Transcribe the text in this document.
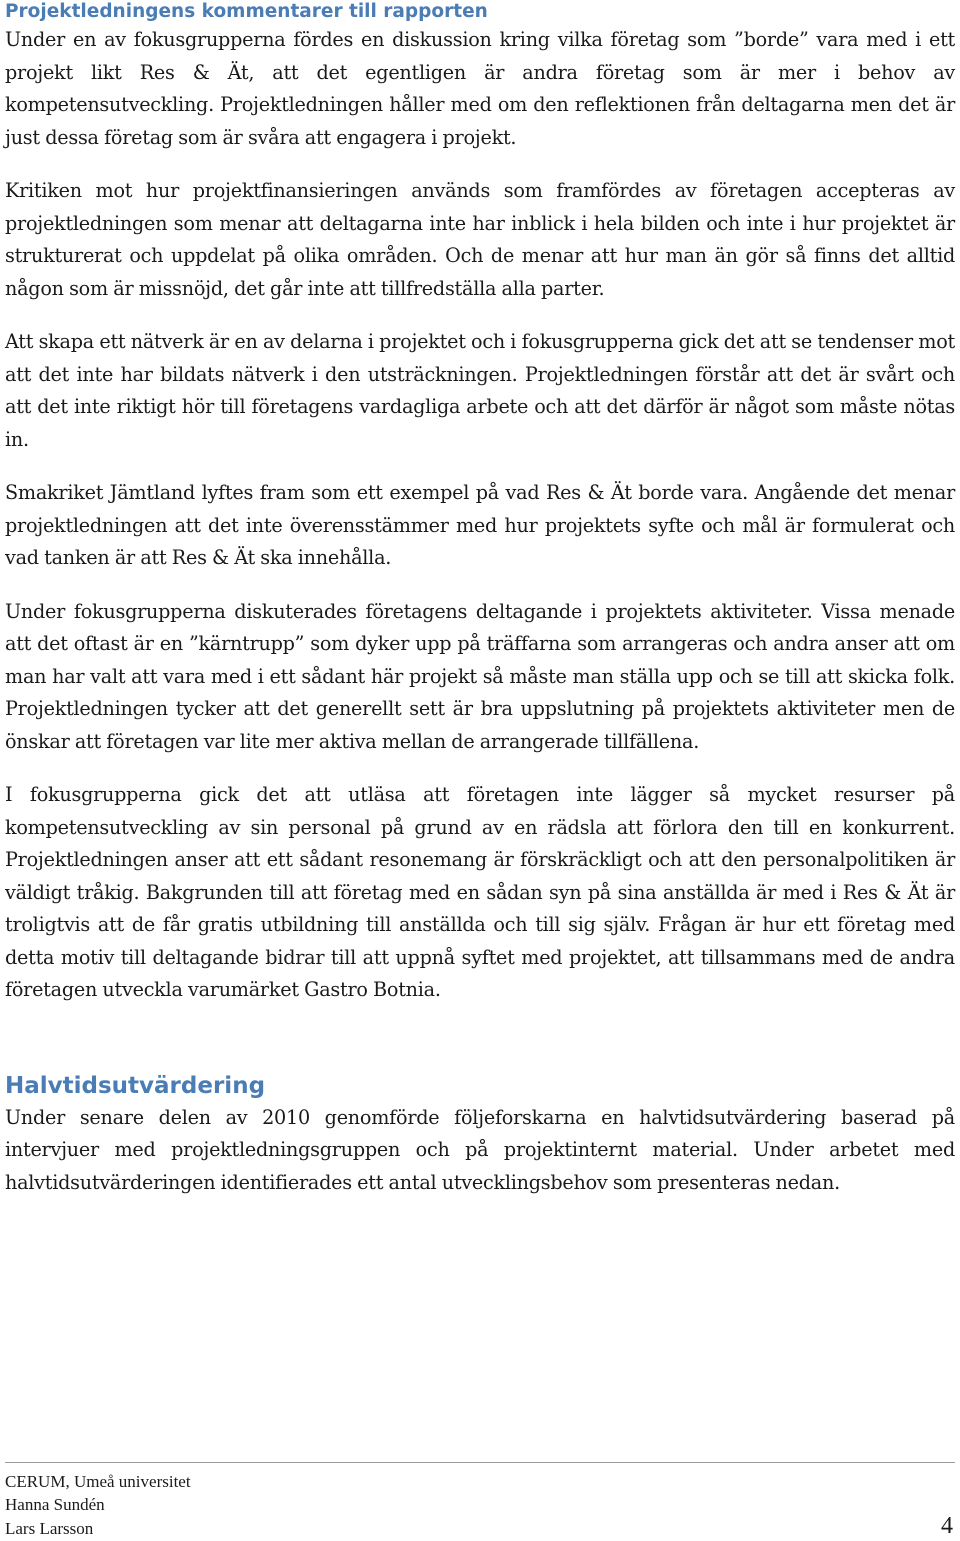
Projektledningens kommentarer till rapporten

Under en av fokusgrupperna fördes en diskussion kring vilka företag som ”borde” vara med i ett projekt likt Res & Ät, att det egentligen är andra företag som är mer i behov av kompetensutveckling. Projektledningen håller med om den reflektionen från deltagarna men det är just dessa företag som är svåra att engagera i projekt.

Kritiken mot hur projektfinansieringen används som framfördes av företagen accepteras av projektledningen som menar att deltagarna inte har inblick i hela bilden och inte i hur projektet är strukturerat och uppdelat på olika områden. Och de menar att hur man än gör så finns det alltid någon som är missnöjd, det går inte att tillfredställa alla parter.

Att skapa ett nätverk är en av delarna i projektet och i fokusgrupperna gick det att se tendenser mot att det inte har bildats nätverk i den utsträckningen. Projektledningen förstår att det är svårt och att det inte riktigt hör till företagens vardagliga arbete och att det därför är något som måste nötas in.

Smakriket Jämtland lyftes fram som ett exempel på vad Res & Ät borde vara. Angående det menar projektledningen att det inte överensstämmer med hur projektets syfte och mål är formulerat och vad tanken är att Res & Ät ska innehålla.

Under fokusgrupperna diskuterades företagens deltagande i projektets aktiviteter. Vissa menade att det oftast är en ”kärntrupp” som dyker upp på träffarna som arrangeras och andra anser att om man har valt att vara med i ett sådant här projekt så måste man ställa upp och se till att skicka folk. Projektledningen tycker att det generellt sett är bra uppslutning på projektets aktiviteter men de önskar att företagen var lite mer aktiva mellan de arrangerade tillfällena.

I fokusgrupperna gick det att utläsa att företagen inte lägger så mycket resurser på kompetensutveckling av sin personal på grund av en rädsla att förlora den till en konkurrent. Projektledningen anser att ett sådant resonemang är förskräckligt och att den personalpolitiken är väldigt tråkig. Bakgrunden till att företag med en sådan syn på sina anställda är med i Res & Ät är troligtvis att de får gratis utbildning till anställda och till sig själv. Frågan är hur ett företag med detta motiv till deltagande bidrar till att uppnå syftet med projektet, att tillsammans med de andra företagen utveckla varumärket Gastro Botnia.

Halvtidsutvärdering

Under senare delen av 2010 genomförde följeforskarna en halvtidsutvärdering baserad på intervjuer med projektledningsgruppen och på projektinternt material. Under arbetet med halvtidsutvärderingen identifierades ett antal utvecklingsbehov som presenteras nedan.

CERUM, Umeå universitet
Hanna Sundén
Lars Larsson	4
